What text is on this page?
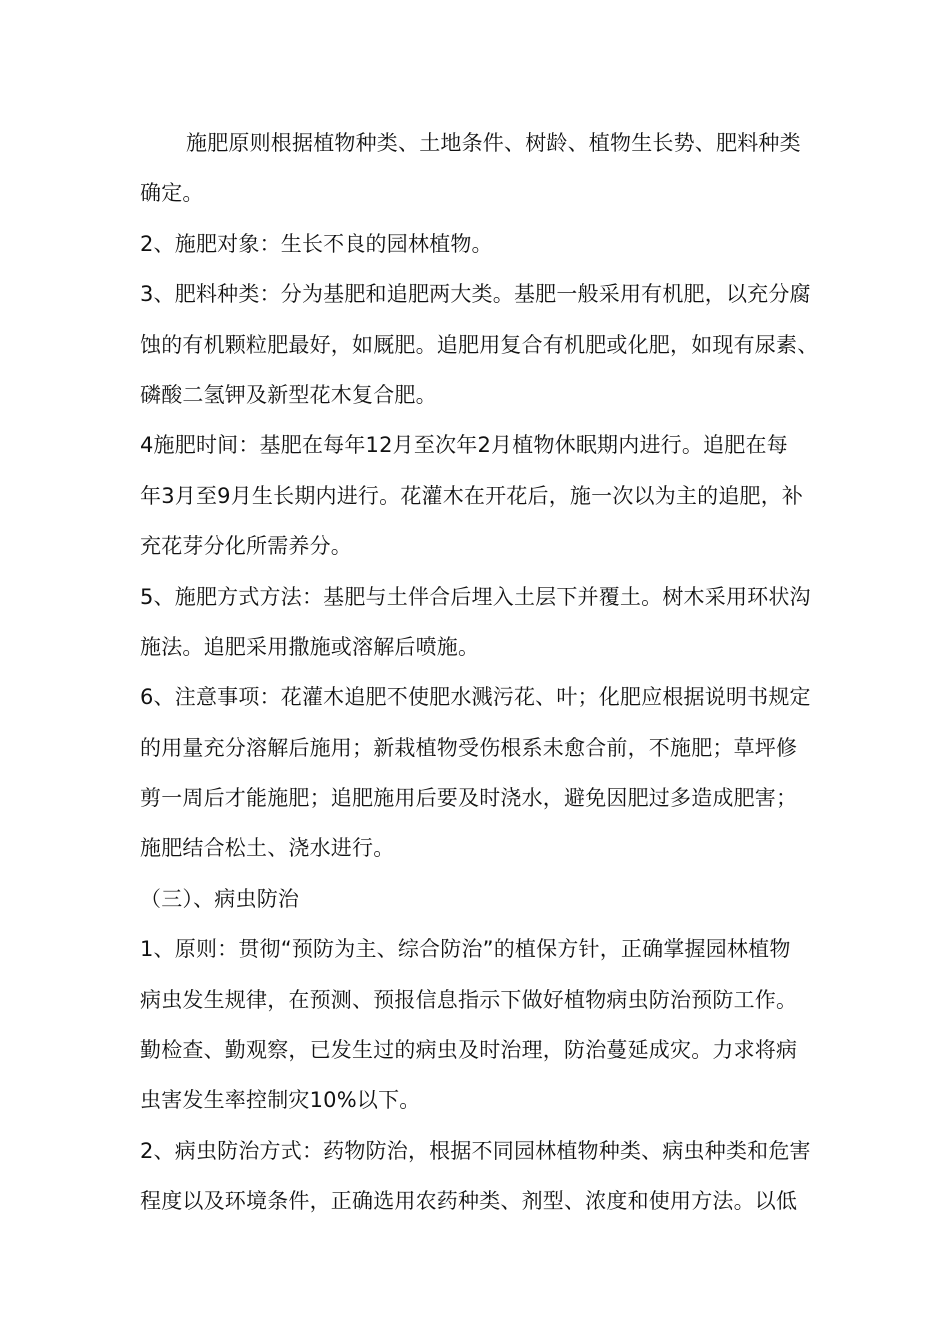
施肥原则根据植物种类、土地条件、树龄、植物生长势、肥料种类
确定。
2、施肥对象：生长不良的园林植物。
3、肥料种类：分为基肥和追肥两大类。基肥一般采用有机肥，以充分腐
蚀的有机颗粒肥最好，如厩肥。追肥用复合有机肥或化肥，如现有尿素、
磷酸二氢钾及新型花木复合肥。
4施肥时间：基肥在每年12月至次年2月植物休眠期内进行。追肥在每
年3月至9月生长期内进行。花灌木在开花后，施一次以为主的追肥，补
充花芽分化所需养分。
5、施肥方式方法：基肥与土伴合后埋入土层下并覆土。树木采用环状沟
施法。追肥采用撒施或溶解后喷施。
6、注意事项：花灌木追肥不使肥水溅污花、叶；化肥应根据说明书规定
的用量充分溶解后施用；新栽植物受伤根系未愈合前，不施肥；草坪修
剪一周后才能施肥；追肥施用后要及时浇水，避免因肥过多造成肥害；
施肥结合松土、浇水进行。
（三）、病虫防治
1、原则：贯彻“预防为主、综合防治”的植保方针，正确掌握园林植物
病虫发生规律，在预测、预报信息指示下做好植物病虫防治预防工作。
勤检查、勤观察，已发生过的病虫及时治理，防治蔓延成灾。力求将病
虫害发生率控制灾10%以下。
2、病虫防治方式：药物防治，根据不同园林植物种类、病虫种类和危害
程度以及环境条件，正确选用农药种类、剂型、浓度和使用方法。以低
